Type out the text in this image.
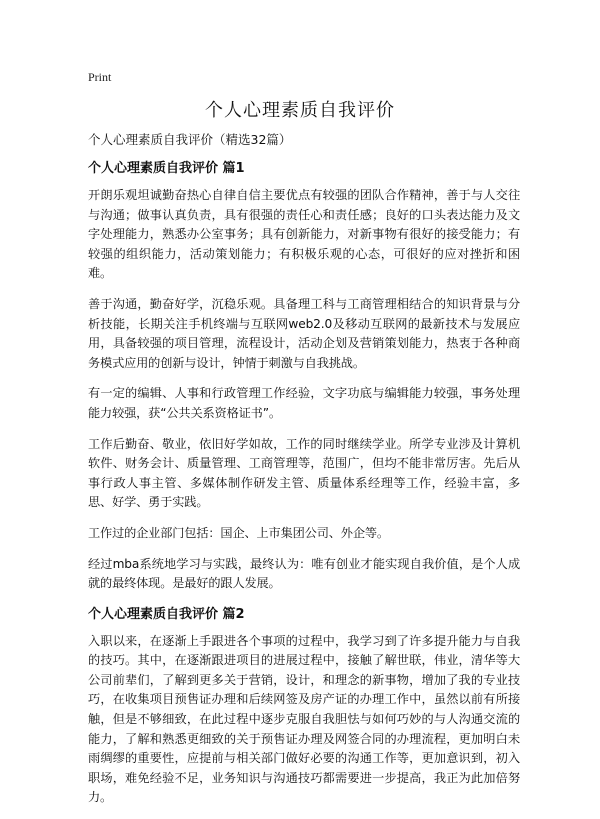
Print
个人心理素质自我评价

个人心理素质自我评价（精选32篇）

个人心理素质自我评价 篇1

开朗乐观坦诚勤奋热心自律自信主要优点有较强的团队合作精神，善于与人交往与沟通；做事认真负责，具有很强的责任心和责任感；良好的口头表达能力及文字处理能力，熟悉办公室事务；具有创新能力，对新事物有很好的接受能力；有较强的组织能力，活动策划能力；有积极乐观的心态，可很好的应对挫折和困难。

善于沟通，勤奋好学，沉稳乐观。具备理工科与工商管理相结合的知识背景与分析技能，长期关注手机终端与互联网web2.0及移动互联网的最新技术与发展应用，具备较强的项目管理，流程设计，活动企划及营销策划能力，热衷于各种商务模式应用的创新与设计，钟情于刺激与自我挑战。

有一定的编辑、人事和行政管理工作经验，文字功底与编辑能力较强，事务处理能力较强，获“公共关系资格证书”。

工作后勤奋、敬业，依旧好学如故，工作的同时继续学业。所学专业涉及计算机软件、财务会计、质量管理、工商管理等，范围广，但均不能非常厉害。先后从事行政人事主管、多媒体制作研发主管、质量体系经理等工作，经验丰富，多思、好学、勇于实践。

工作过的企业部门包括：国企、上市集团公司、外企等。

经过mba系统地学习与实践，最终认为：唯有创业才能实现自我价值，是个人成就的最终体现。是最好的跟人发展。

个人心理素质自我评价 篇2

入职以来，在逐渐上手跟进各个事项的过程中，我学习到了许多提升能力与自我的技巧。其中，在逐渐跟进项目的进展过程中，接触了解世联，伟业，清华等大公司前辈们，了解到更多关于营销，设计，和理念的新事物，增加了我的专业技巧，在收集项目预售证办理和后续网签及房产证的办理工作中，虽然以前有所接触，但是不够细致，在此过程中逐步克服自我胆怯与如何巧妙的与人沟通交流的能力，了解和熟悉更细致的关于预售证办理及网签合同的办理流程，更加明白未雨绸缪的重要性，应提前与相关部门做好必要的沟通工作等，更加意识到，初入职场，难免经验不足，业务知识与沟通技巧都需要进一步提高，我正为此加倍努力。
